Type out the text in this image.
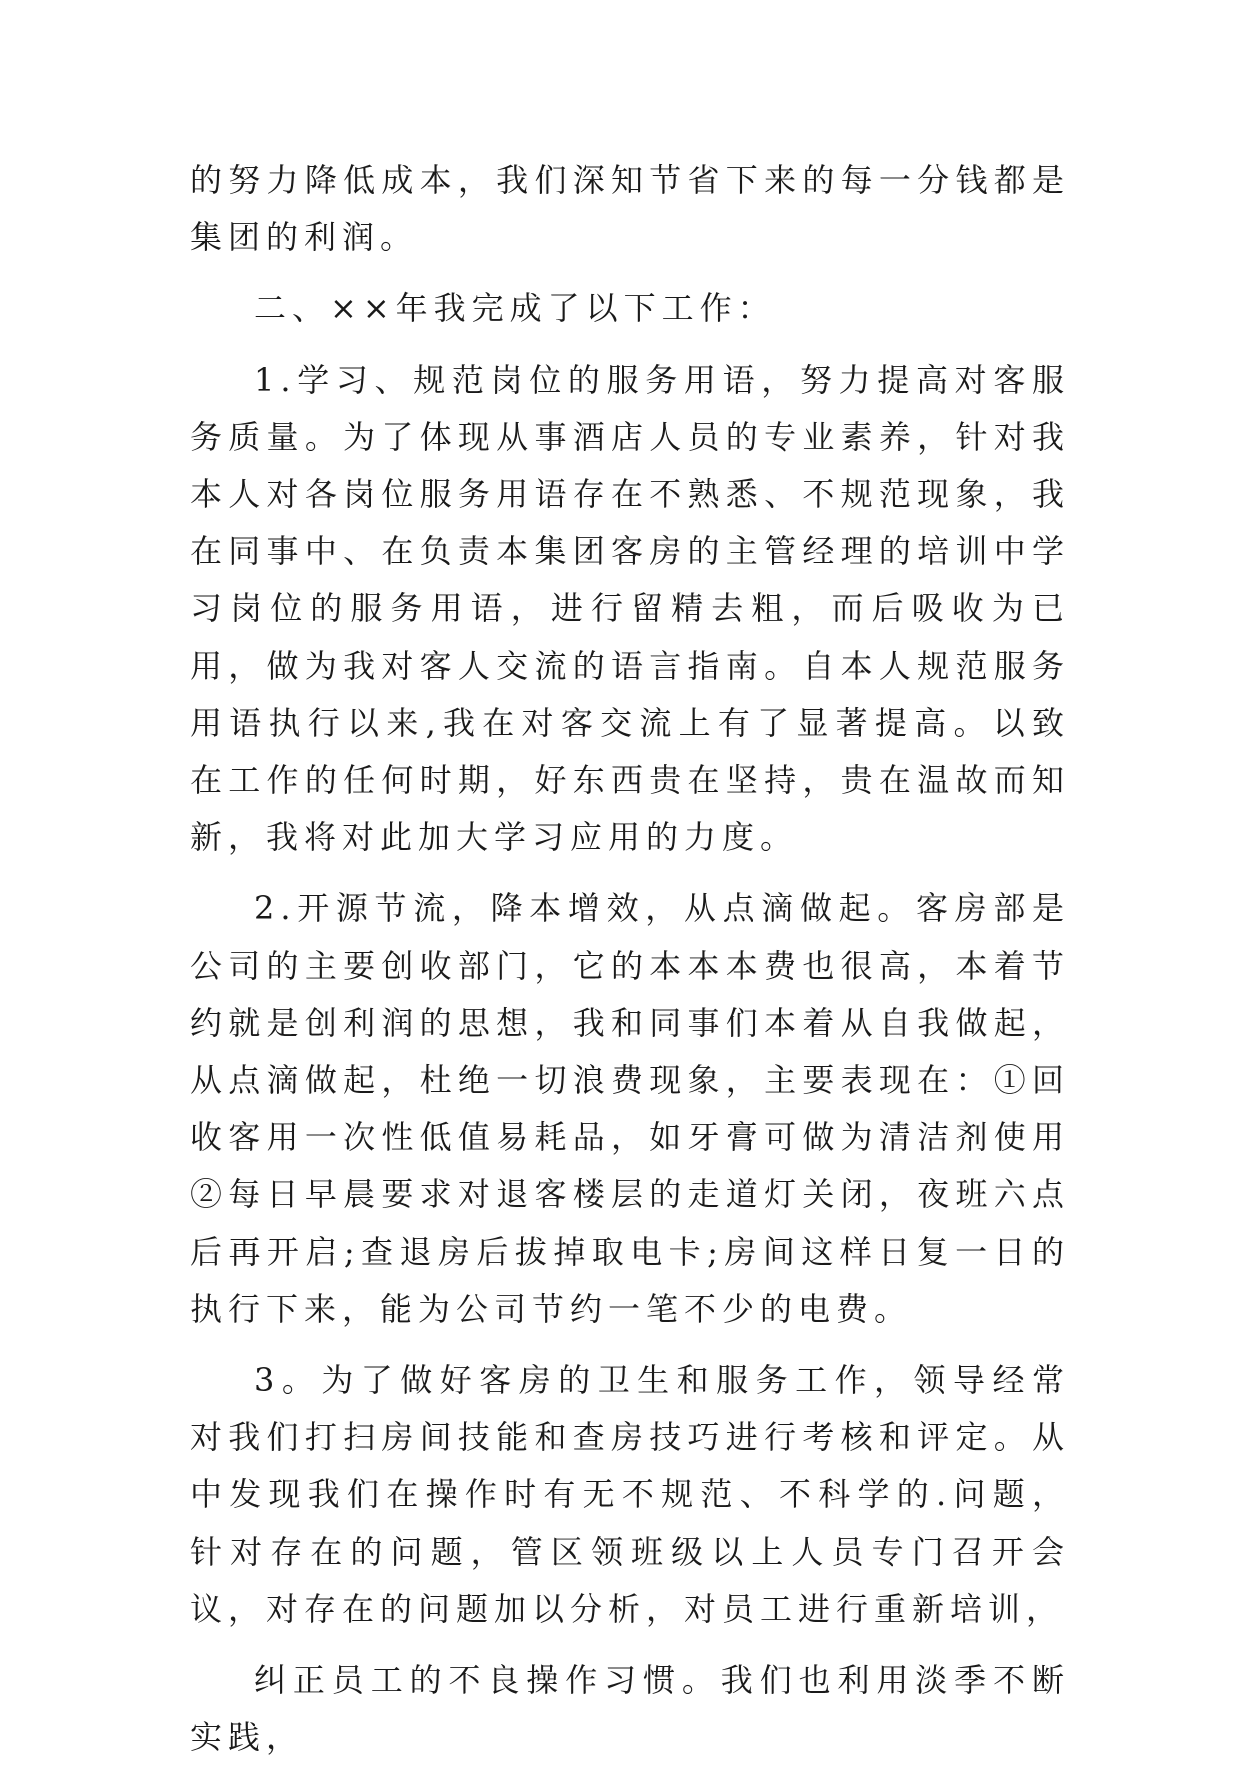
的努力降低成本，我们深知节省下来的每一分钱都是集团的利润。

二、××年我完成了以下工作：

1.学习、规范岗位的服务用语，努力提高对客服务质量。为了体现从事酒店人员的专业素养，针对我本人对各岗位服务用语存在不熟悉、不规范现象，我在同事中、在负责本集团客房的主管经理的培训中学习岗位的服务用语，进行留精去粗，而后吸收为已用，做为我对客人交流的语言指南。自本人规范服务用语执行以来,我在对客交流上有了显著提高。以致在工作的任何时期，好东西贵在坚持，贵在温故而知新，我将对此加大学习应用的力度。

2.开源节流，降本增效，从点滴做起。客房部是公司的主要创收部门，它的本本本费也很高，本着节约就是创利润的思想，我和同事们本着从自我做起，从点滴做起，杜绝一切浪费现象，主要表现在：①回收客用一次性低值易耗品，如牙膏可做为清洁剂使用②每日早晨要求对退客楼层的走道灯关闭，夜班六点后再开启;查退房后拔掉取电卡;房间这样日复一日的执行下来，能为公司节约一笔不少的电费。

3。为了做好客房的卫生和服务工作，领导经常对我们打扫房间技能和查房技巧进行考核和评定。从中发现我们在操作时有无不规范、不科学的.问题，针对存在的问题，管区领班级以上人员专门召开会议，对存在的问题加以分析，对员工进行重新培训，

纠正员工的不良操作习惯。我们也利用淡季不断实践，
